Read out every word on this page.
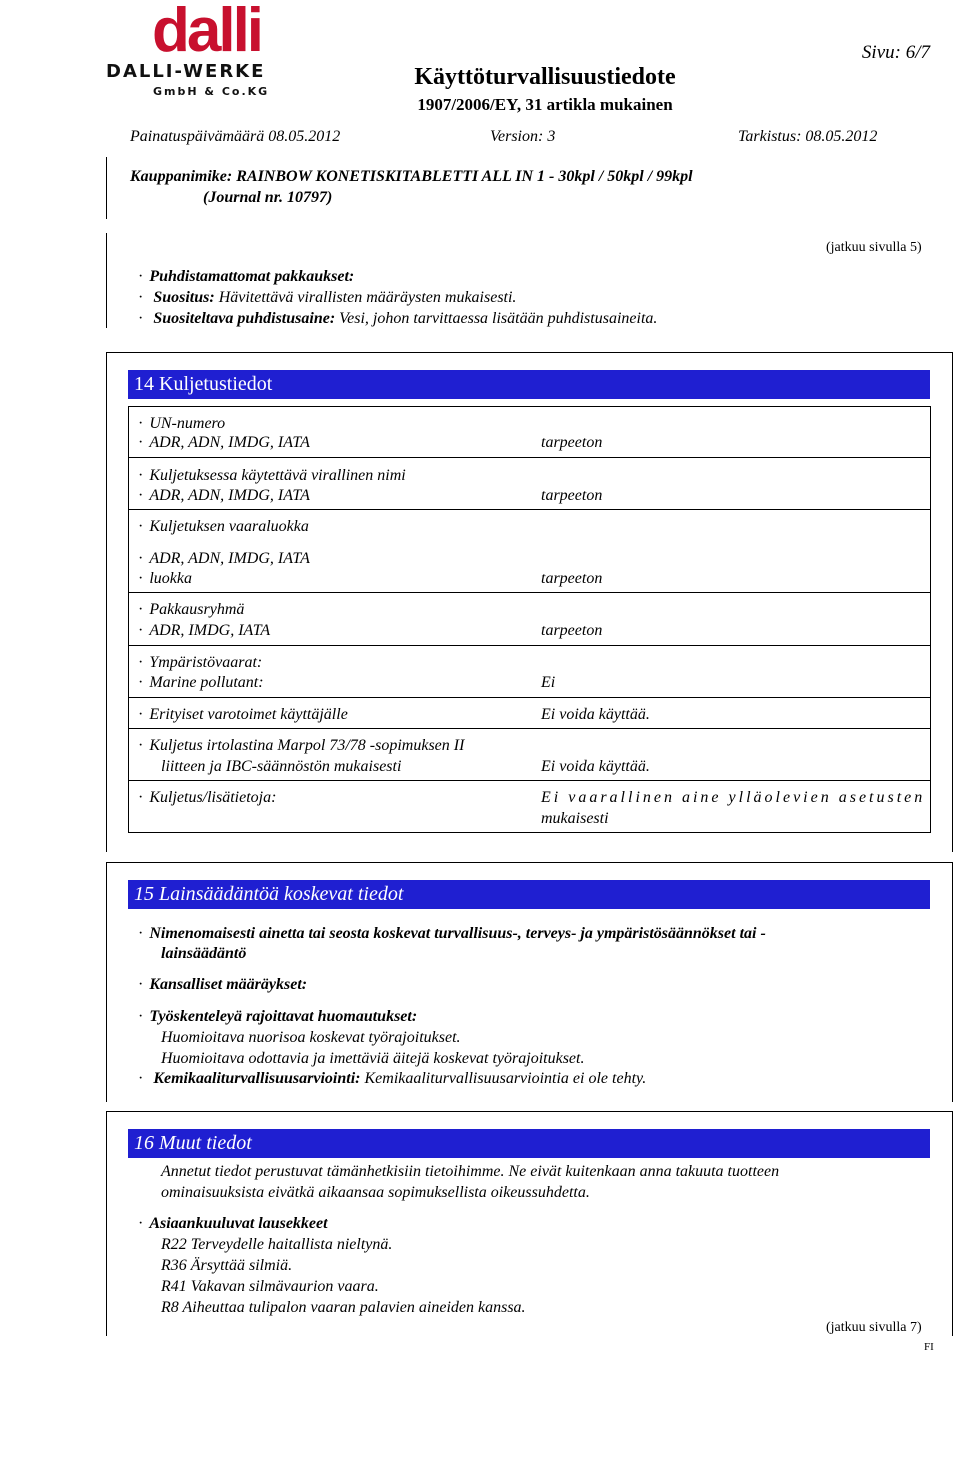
dalli
DALLI-WERKE
GmbH & Co.KG
Sivu: 6/7
Käyttöturvallisuustiedote
1907/2006/EY, 31 artikla mukainen
Painatuspäivämäärä 08.05.2012	Version: 3	Tarkistus: 08.05.2012
Kauppanimike: RAINBOW KONETISKITABLETTI ALL IN 1 - 30kpl / 50kpl / 99kpl
(Journal nr. 10797)
(jatkuu sivulla 5)
· Puhdistamattomat pakkaukset:
· Suositus: Hävitettävä virallisten määräysten mukaisesti.
· Suositeltava puhdistusaine: Vesi, johon tarvittaessa lisätään puhdistusaineita.
14 Kuljetustiedot
· UN-numero
· ADR, ADN, IMDG, IATA	tarpeeton
· Kuljetuksessa käytettävä virallinen nimi
· ADR, ADN, IMDG, IATA	tarpeeton
· Kuljetuksen vaaraluokka
· ADR, ADN, IMDG, IATA
· luokka	tarpeeton
· Pakkausryhmä
· ADR, IMDG, IATA	tarpeeton
· Ympäristövaarat:
· Marine pollutant:	Ei
· Erityiset varotoimet käyttäjälle	Ei voida käyttää.
· Kuljetus irtolastina Marpol 73/78 -sopimuksen II
liitteen ja IBC-säännöstön mukaisesti	Ei voida käyttää.
· Kuljetus/lisätietoja:	Ei vaarallinen aine ylläolevien asetusten
mukaisesti
15 Lainsäädäntöä koskevat tiedot
· Nimenomaisesti ainetta tai seosta koskevat turvallisuus-, terveys- ja ympäristösäännökset tai -
lainsäädäntö
· Kansalliset määräykset:
· Työskenteleyä rajoittavat huomautukset:
Huomioitava nuorisoa koskevat työrajoitukset.
Huomioitava odottavia ja imettäviä äitejä koskevat työrajoitukset.
· Kemikaaliturvallisuusarviointi: Kemikaaliturvallisuusarviointia ei ole tehty.
16 Muut tiedot
Annetut tiedot perustuvat tämänhetkisiin tietoihimme. Ne eivät kuitenkaan anna takuuta tuotteen
ominaisuuksista eivätkä aikaansaa sopimuksellista oikeussuhdetta.
· Asiaankuuluvat lausekkeet
R22 Terveydelle haitallista nieltynä.
R36 Ärsyttää silmiä.
R41 Vakavan silmävaurion vaara.
R8 Aiheuttaa tulipalon vaaran palavien aineiden kanssa.
(jatkuu sivulla 7)
FI
